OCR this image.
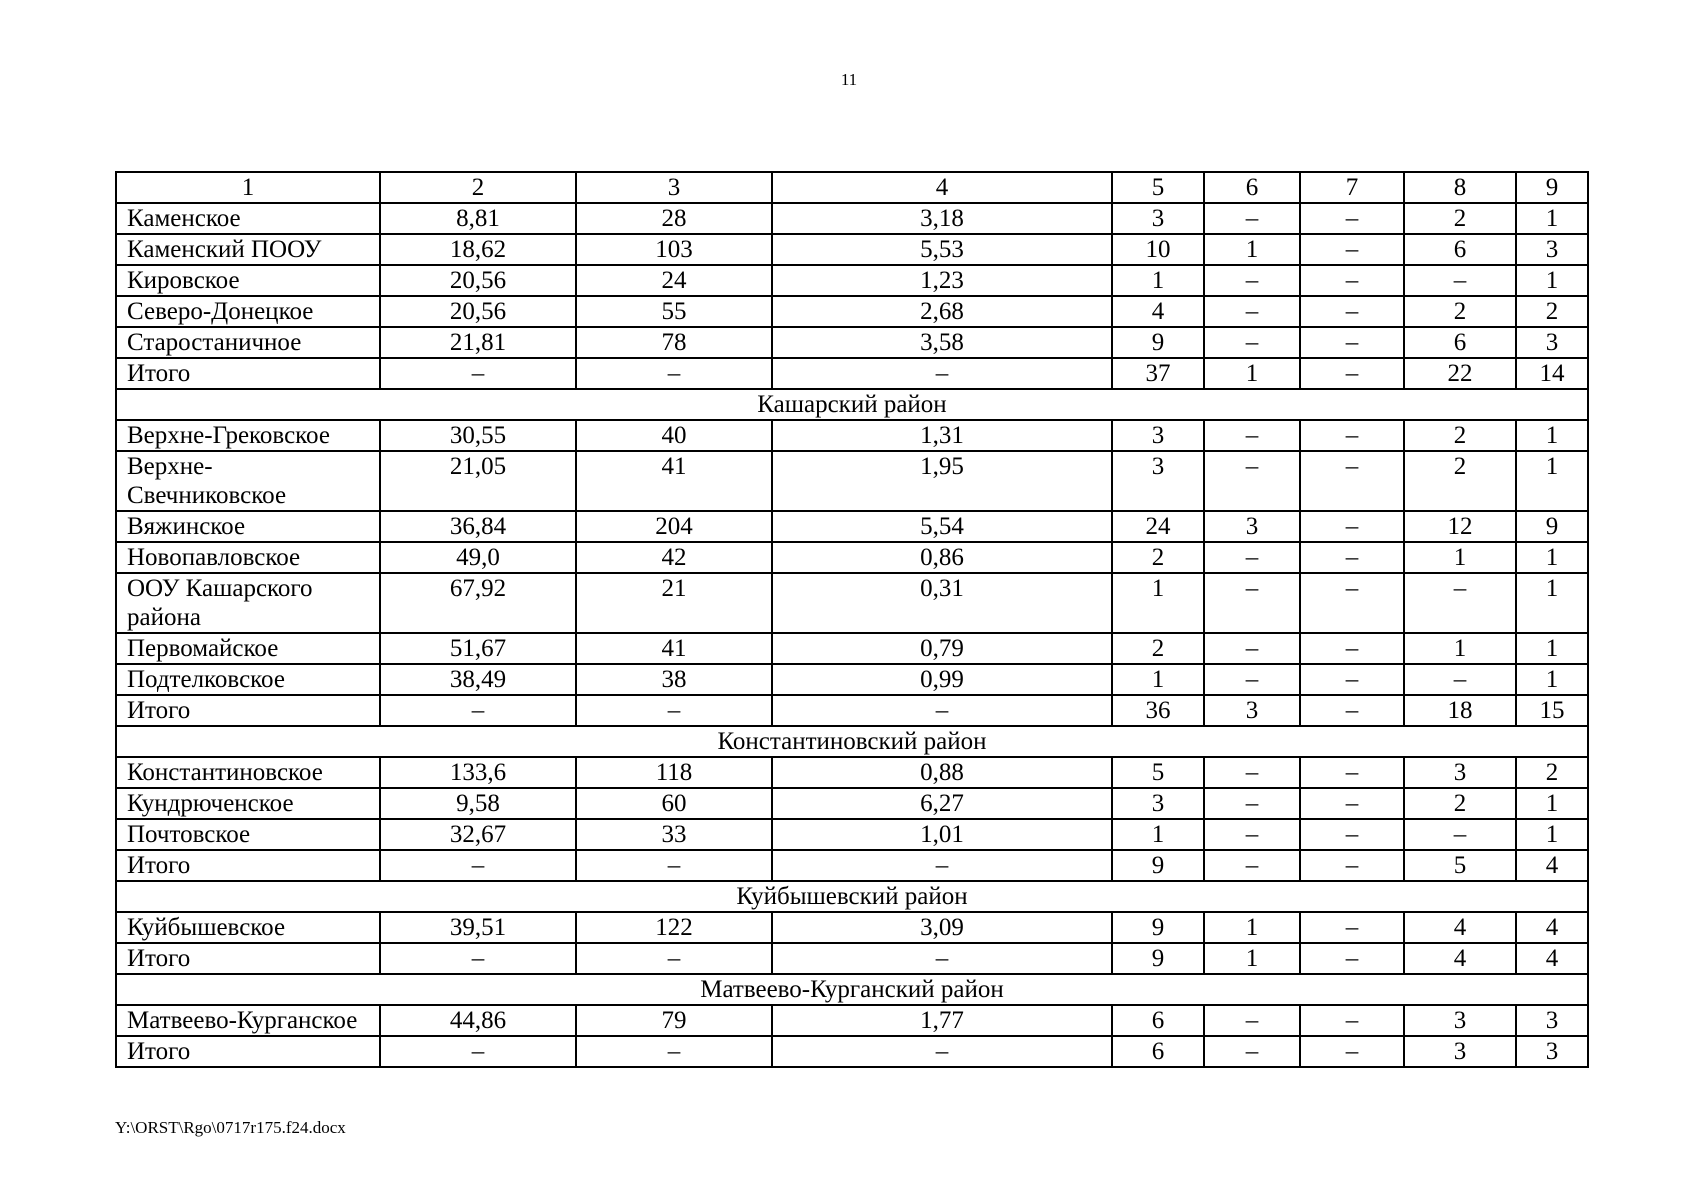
11
1	2	3	4	5	6	7	8	9
Каменское	8,81	28	3,18	3	–	–	2	1
Каменский ПООУ	18,62	103	5,53	10	1	–	6	3
Кировское	20,56	24	1,23	1	–	–	–	1
Северо-Донецкое	20,56	55	2,68	4	–	–	2	2
Старостаничное	21,81	78	3,58	9	–	–	6	3
Итого	–	–	–	37	1	–	22	14
Кашарский район								
Верхне-Грековское	30,55	40	1,31	3	–	–	2	1
Верхне-Свечниковское	21,05	41	1,95	3	–	–	2	1
Вяжинское	36,84	204	5,54	24	3	–	12	9
Новопавловское	49,0	42	0,86	2	–	–	1	1
ООУ Кашарского района	67,92	21	0,31	1	–	–	–	1
Первомайское	51,67	41	0,79	2	–	–	1	1
Подтелковское	38,49	38	0,99	1	–	–	–	1
Итого	–	–	–	36	3	–	18	15
Константиновский район								
Константиновское	133,6	118	0,88	5	–	–	3	2
Кундрюченское	9,58	60	6,27	3	–	–	2	1
Почтовское	32,67	33	1,01	1	–	–	–	1
Итого	–	–	–	9	–	–	5	4
Куйбышевский район								
Куйбышевское	39,51	122	3,09	9	1	–	4	4
Итого	–	–	–	9	1	–	4	4
Матвеево-Курганский район								
Матвеево-Курганское	44,86	79	1,77	6	–	–	3	3
Итого	–	–	–	6	–	–	3	3
Y:\ORST\Rgo\0717r175.f24.docx
